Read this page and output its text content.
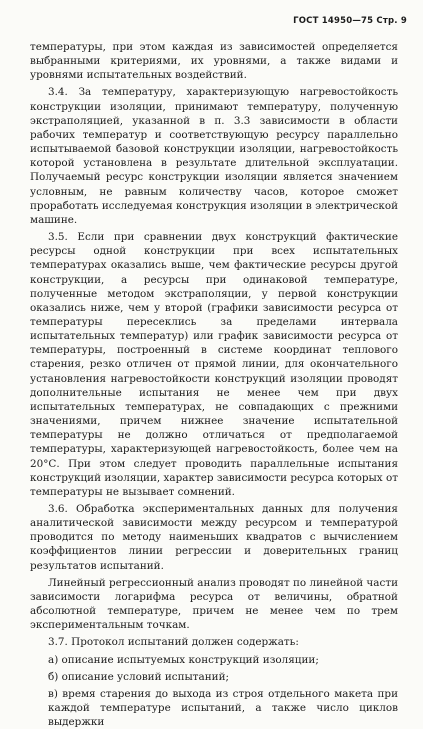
ГОСТ 14950—75 Стр. 9

температуры, при этом каждая из зависимостей определяется выбранными критериями, их уровнями, а также видами и уровнями испытательных воздействий.

3.4. За температуру, характеризующую нагревостойкость конструкции изоляции, принимают температуру, полученную экстраполяцией, указанной в п. 3.3 зависимости в области рабочих температур и соответствующую ресурсу параллельно испытываемой базовой конструкции изоляции, нагревостойкость которой установлена в результате длительной эксплуатации. Получаемый ресурс конструкции изоляции является значением условным, не равным количеству часов, которое сможет проработать исследуемая конструкция изоляции в электрической машине.

3.5. Если при сравнении двух конструкций фактические ресурсы одной конструкции при всех испытательных температурах оказались выше, чем фактические ресурсы другой конструкции, а ресурсы при одинаковой температуре, полученные методом экстраполяции, у первой конструкции оказались ниже, чем у второй (графики зависимости ресурса от температуры пересеклись за пределами интервала испытательных температур) или график зависимости ресурса от температуры, построенный в системе координат теплового старения, резко отличен от прямой линии, для окончательного установления нагревостойкости конструкций изоляции проводят дополнительные испытания не менее чем при двух испытательных температурах, не совпадающих с прежними значениями, причем нижнее значение испытательной температуры не должно отличаться от предполагаемой температуры, характеризующей нагревостойкость, более чем на 20°С. При этом следует проводить параллельные испытания конструкций изоляции, характер зависимости ресурса которых от температуры не вызывает сомнений.

3.6. Обработка экспериментальных данных для получения аналитической зависимости между ресурсом и температурой проводится по методу наименьших квадратов с вычислением коэффициентов линии регрессии и доверительных границ результатов испытаний.

Линейный регрессионный анализ проводят по линейной части зависимости логарифма ресурса от величины, обратной абсолютной температуре, причем не менее чем по трем экспериментальным точкам.

3.7. Протокол испытаний должен содержать:

а) описание испытуемых конструкций изоляции;

б) описание условий испытаний;

в) время старения до выхода из строя отдельного макета при каждой температуре испытаний, а также число циклов выдержки
